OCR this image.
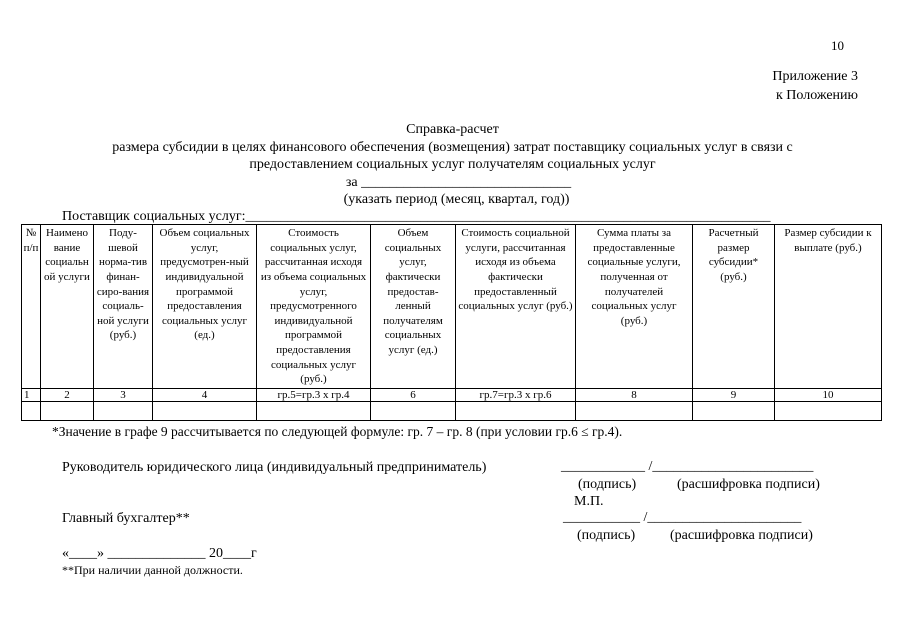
10
Приложение 3
к Положению
Справка-расчет
размера субсидии в целях финансового обеспечения (возмещения) затрат поставщику социальных услуг в связи с
предоставлением социальных услуг получателям социальных услуг
за ______________________________
(указать период (месяц, квартал, год))
Поставщик социальных услуг:___________________________________________________________________________
№ п/п	Наимено вание социальн ой услуги	Поду-шевой норма-тив финан-сиро-вания социаль-ной услуги (руб.)	Объем социальных услуг, предусмотрен-ный индивидуальной программой предоставления социальных услуг (ед.)	Стоимость социальных услуг, рассчитанная исходя из объема социальных услуг, предусмотренного индивидуальной программой предоставления социальных услуг (руб.)	Объем социальных услуг, фактически предостав-ленный получателям социальных услуг (ед.)	Стоимость социальной услуги, рассчитанная исходя из объема фактически предоставленный социальных услуг (руб.)	Сумма платы за предоставленные социальные услуги, полученная от получателей социальных услуг (руб.)	Расчетный размер субсидии* (руб.)	Размер субсидии к выплате (руб.)
1	2	3	4	гр.5=гр.3 х гр.4	6	гр.7=гр.3 х гр.6	8	9	10

*Значение в графе 9 рассчитывается по следующей формуле: гр. 7 – гр. 8 (при условии гр.6 ≤ гр.4).
Руководитель юридического лица (индивидуальный предприниматель)	____________ /_______________________
(подпись)	(расшифровка подписи)
М.П.
Главный бухгалтер**	___________ /______________________
(подпись) (расшифровка подписи)
«____» ______________ 20____г
**При наличии данной должности.
